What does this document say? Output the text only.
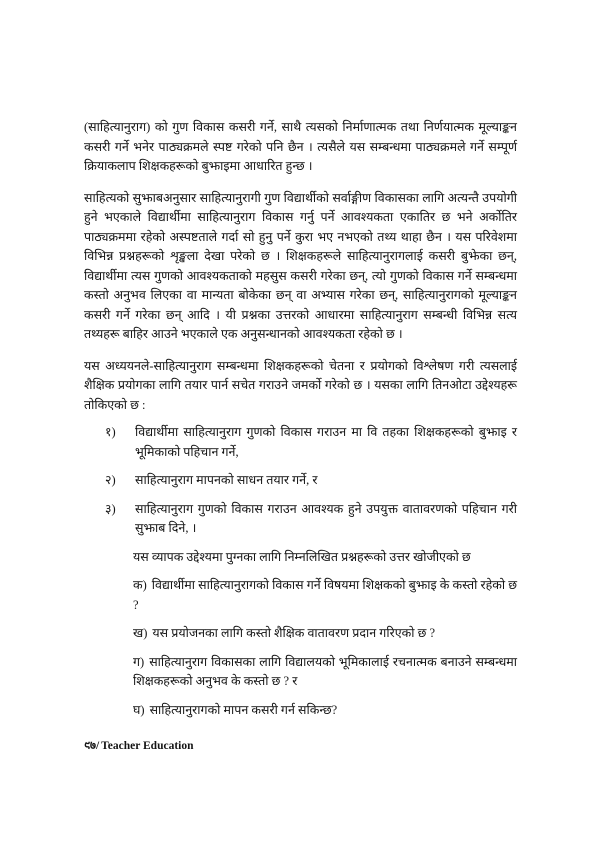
(साहित्यानुराग) को गुण विकास कसरी गर्ने, साथै त्यसको निर्माणात्मक तथा निर्णयात्मक मूल्याङ्कन कसरी गर्ने भनेर पाठ्यक्रमले स्पष्ट गरेको पनि छैन । त्यसैले यस सम्बन्धमा पाठ्यक्रमले गर्ने सम्पूर्ण क्रियाकलाप शिक्षकहरूको बुझाइमा आधारित हुन्छ ।

साहित्यको सुझाबअनुसार साहित्यानुरागी गुण विद्यार्थीको सर्वाङ्गीण विकासका लागि अत्यन्तै उपयोगी हुने भएकाले विद्यार्थीमा साहित्यानुराग विकास गर्नु पर्ने आवश्यकता एकातिर छ भने अर्कोतिर पाठ्यक्रममा रहेको अस्पष्टताले गर्दा सो हुनु पर्ने कुरा भए नभएको तथ्य थाहा छैन । यस परिवेशमा विभिन्न प्रश्नहरूको शृङ्खला देखा परेको छ । शिक्षकहरूले साहित्यानुरागलाई कसरी बुझेका छन्, विद्यार्थीमा त्यस गुणको आवश्यकताको महसुस कसरी गरेका छन्, त्यो गुणको विकास गर्ने सम्बन्धमा कस्तो अनुभव लिएका वा मान्यता बोकेका छन् वा अभ्यास गरेका छन्, साहित्यानुरागको मूल्याङ्कन कसरी गर्ने गरेका छन् आदि । यी प्रश्नका उत्तरको आधारमा साहित्यानुराग सम्बन्धी विभिन्न सत्य तथ्यहरू बाहिर आउने भएकाले एक अनुसन्धानको आवश्यकता रहेको छ ।

यस अध्ययनले-साहित्यानुराग सम्बन्धमा शिक्षकहरूको चेतना र प्रयोगको विश्लेषण गरी त्यसलाई शैक्षिक प्रयोगका लागि तयार पार्न सचेत गराउने जमर्को गरेको छ । यसका लागि तिनओटा उद्देश्यहरू तोकिएको छ :

१)	विद्यार्थीमा साहित्यानुराग गुणको विकास गराउन मा वि तहका शिक्षकहरूको बुझाइ र भूमिकाको पहिचान गर्ने,
२)	साहित्यानुराग मापनको साधन तयार गर्ने, र
३)	साहित्यानुराग गुणको विकास गराउन आवश्यक हुने उपयुक्त वातावरणको पहिचान गरी सुझाब दिने, ।

यस व्यापक उद्देश्यमा पुग्नका लागि निम्नलिखित प्रश्नहरूको उत्तर खोजीएको छ

क) विद्यार्थीमा साहित्यानुरागको विकास गर्ने विषयमा शिक्षकको बुझाइ के कस्तो रहेको छ ?

ख) यस प्रयोजनका लागि कस्तो शैक्षिक वातावरण प्रदान गरिएको छ ?

ग) साहित्यानुराग विकासका लागि विद्यालयको भूमिकालाई रचनात्मक बनाउने सम्बन्धमा शिक्षकहरूको अनुभव के कस्तो छ ? र

घ) साहित्यानुरागको मापन कसरी गर्न सकिन्छ?

९७/ Teacher Education
